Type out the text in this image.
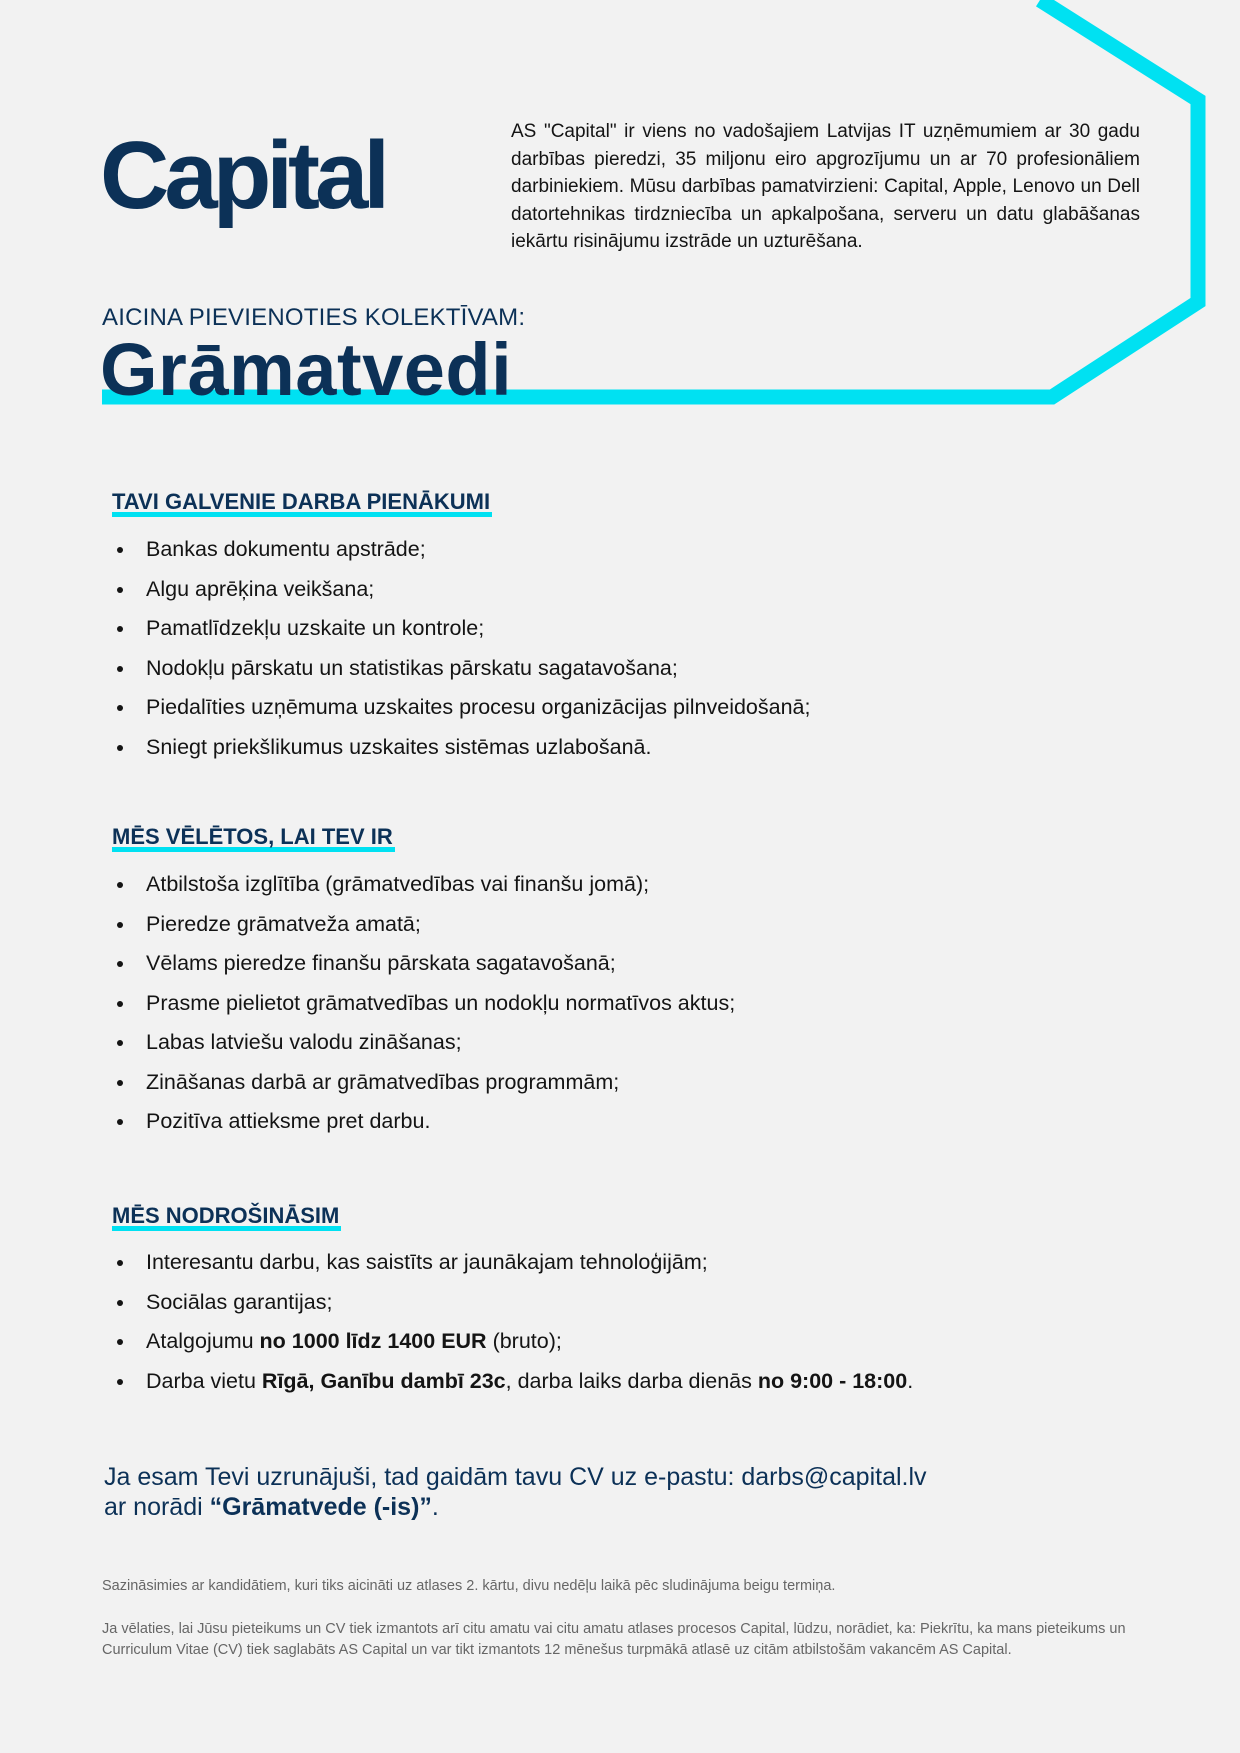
Capital	AS "Capital" ir viens no vadošajiem Latvijas IT uzņēmumiem ar 30 gadu darbības pieredzi, 35 miljonu eiro apgrozījumu un ar 70 profesionāliem darbiniekiem. Mūsu darbības pamatvirzieni: Capital, Apple, Lenovo un Dell datortehnikas tirdzniecība un apkalpošana, serveru un datu glabāšanas iekārtu risinājumu izstrāde un uzturēšana.
AICINA PIEVIENOTIES KOLEKTĪVAM:
Grāmatvedi
TAVI GALVENIE DARBA PIENĀKUMI
• Bankas dokumentu apstrāde;
• Algu aprēķina veikšana;
• Pamatlīdzekļu uzskaite un kontrole;
• Nodokļu pārskatu un statistikas pārskatu sagatavošana;
• Piedalīties uzņēmuma uzskaites procesu organizācijas pilnveidošanā;
• Sniegt priekšlikumus uzskaites sistēmas uzlabošanā.
MĒS VĒLĒTOS, LAI TEV IR
• Atbilstoša izglītība (grāmatvedības vai finanšu jomā);
• Pieredze grāmatveža amatā;
• Vēlams pieredze finanšu pārskata sagatavošanā;
• Prasme pielietot grāmatvedības un nodokļu normatīvos aktus;
• Labas latviešu valodu zināšanas;
• Zināšanas darbā ar grāmatvedības programmām;
• Pozitīva attieksme pret darbu.
MĒS NODROŠINĀSIM
• Interesantu darbu, kas saistīts ar jaunākajam tehnoloģijām;
• Sociālas garantijas;
• Atalgojumu no 1000 līdz 1400 EUR (bruto);
• Darba vietu Rīgā, Ganību dambī 23c, darba laiks darba dienās no 9:00 - 18:00.
Ja esam Tevi uzrunājuši, tad gaidām tavu CV uz e-pastu: darbs@capital.lv
ar norādi “Grāmatvede (-is)”.
Sazināsimies ar kandidātiem, kuri tiks aicināti uz atlases 2. kārtu, divu nedēļu laikā pēc sludinājuma beigu termiņa.
Ja vēlaties, lai Jūsu pieteikums un CV tiek izmantots arī citu amatu vai citu amatu atlases procesos Capital, lūdzu, norādiet, ka: Piekrītu, ka mans pieteikums un Curriculum Vitae (CV) tiek saglabāts AS Capital un var tikt izmantots 12 mēnešus turpmākā atlasē uz citām atbilstošām vakancēm AS Capital.
